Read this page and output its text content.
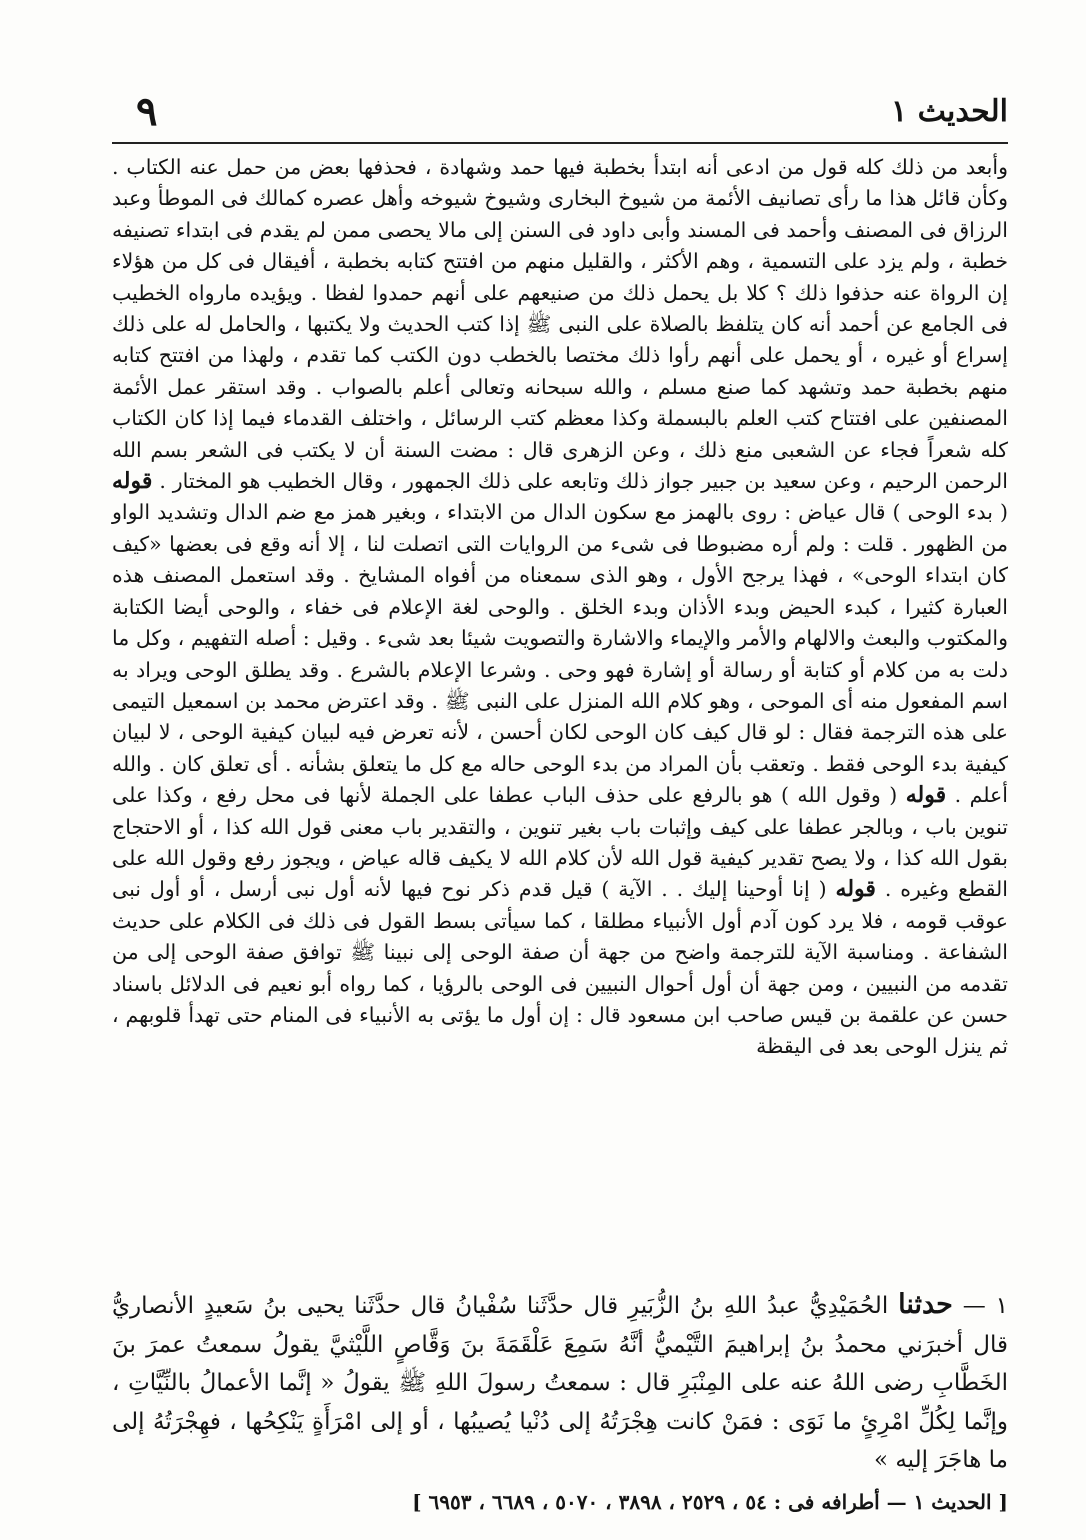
الحديث ١
٩

وأبعد من ذلك كله قول من ادعى أنه ابتدأ بخطبة فيها حمد وشهادة ، فحذفها بعض من حمل عنه الكتاب . وكأن قائل هذا ما رأى تصانيف الأئمة من شيوخ البخارى وشيوخ شيوخه وأهل عصره كمالك فى الموطأ وعبد الرزاق فى المصنف وأحمد فى المسند وأبى داود فى السنن إلى مالا يحصى ممن لم يقدم فى ابتداء تصنيفه خطبة ، ولم يزد على التسمية ، وهم الأكثر ، والقليل منهم من افتتح كتابه بخطبة ، أفيقال فى كل من هؤلاء إن الرواة عنه حذفوا ذلك ؟ كلا بل يحمل ذلك من صنيعهم على أنهم حمدوا لفظا . ويؤيده مارواه الخطيب فى الجامع عن أحمد أنه كان يتلفظ بالصلاة على النبى ﷺ إذا كتب الحديث ولا يكتبها ، والحامل له على ذلك إسراع أو غيره ، أو يحمل على أنهم رأوا ذلك مختصا بالخطب دون الكتب كما تقدم ، ولهذا من افتتح كتابه منهم بخطبة حمد وتشهد كما صنع مسلم ، والله سبحانه وتعالى أعلم بالصواب . وقد استقر عمل الأئمة المصنفين على افتتاح كتب العلم بالبسملة وكذا معظم كتب الرسائل ، واختلف القدماء فيما إذا كان الكتاب كله شعراً فجاء عن الشعبى منع ذلك ، وعن الزهرى قال : مضت السنة أن لا يكتب فى الشعر بسم الله الرحمن الرحيم ، وعن سعيد بن جبير جواز ذلك وتابعه على ذلك الجمهور ، وقال الخطيب هو المختار . قوله ( بدء الوحى ) قال عياض : روى بالهمز مع سكون الدال من الابتداء ، وبغير همز مع ضم الدال وتشديد الواو من الظهور . قلت : ولم أره مضبوطا فى شىء من الروايات التى اتصلت لنا ، إلا أنه وقع فى بعضها «كيف كان ابتداء الوحى» ، فهذا يرجح الأول ، وهو الذى سمعناه من أفواه المشايخ . وقد استعمل المصنف هذه العبارة كثيرا ، كبدء الحيض وبدء الأذان وبدء الخلق . والوحى لغة الإعلام فى خفاء ، والوحى أيضا الكتابة والمكتوب والبعث والالهام والأمر والإيماء والاشارة والتصويت شيئا بعد شىء . وقيل : أصله التفهيم ، وكل ما دلت به من كلام أو كتابة أو رسالة أو إشارة فهو وحى . وشرعا الإعلام بالشرع . وقد يطلق الوحى ويراد به اسم المفعول منه أى الموحى ، وهو كلام الله المنزل على النبى ﷺ . وقد اعترض محمد بن اسمعيل التيمى على هذه الترجمة فقال : لو قال كيف كان الوحى لكان أحسن ، لأنه تعرض فيه لبيان كيفية الوحى ، لا لبيان كيفية بدء الوحى فقط . وتعقب بأن المراد من بدء الوحى حاله مع كل ما يتعلق بشأنه . أى تعلق كان . والله أعلم . قوله ( وقول الله ) هو بالرفع على حذف الباب عطفا على الجملة لأنها فى محل رفع ، وكذا على تنوين باب ، وبالجر عطفا على كيف وإثبات باب بغير تنوين ، والتقدير باب معنى قول الله كذا ، أو الاحتجاج بقول الله كذا ، ولا يصح تقدير كيفية قول الله لأن كلام الله لا يكيف قاله عياض ، ويجوز رفع وقول الله على القطع وغيره . قوله ( إنا أوحينا إليك . . الآية ) قيل قدم ذكر نوح فيها لأنه أول نبى أرسل ، أو أول نبى عوقب قومه ، فلا يرد كون آدم أول الأنبياء مطلقا ، كما سيأتى بسط القول فى ذلك فى الكلام على حديث الشفاعة . ومناسبة الآية للترجمة واضح من جهة أن صفة الوحى إلى نبينا ﷺ توافق صفة الوحى إلى من تقدمه من النبيين ، ومن جهة أن أول أحوال النبيين فى الوحى بالرؤيا ، كما رواه أبو نعيم فى الدلائل باسناد حسن عن علقمة بن قيس صاحب ابن مسعود قال : إن أول ما يؤتى به الأنبياء فى المنام حتى تهدأ قلوبهم ، ثم ينزل الوحى بعد فى اليقظة

١ — حدثنا الحُمَيْدِيُّ عبدُ اللهِ بنُ الزُّبَيرِ قال حدَّثَنا سُفْيانُ قال حدَّثَنا يحيى بنُ سَعيدٍ الأنصاريُّ قال أخبرَني محمدُ بنُ إبراهيمَ التَّيْميُّ أنَّهُ سَمِعَ عَلْقَمَةَ بنَ وَقَّاصٍ اللَّيْثيَّ يقولُ سمعتُ عمرَ بنَ الخَطَّابِ رضى اللهُ عنه على المِنْبَرِ قال : سمعتُ رسولَ اللهِ ﷺ يقولُ « إنَّما الأعمالُ بالنِّيَّاتِ ، وإنَّما لِكُلِّ امْرِئٍ ما نَوَى : فمَنْ كانت هِجْرَتُهُ إلى دُنْيا يُصيبُها ، أو إلى امْرَأَةٍ يَنْكِحُها ، فهِجْرَتُهُ إلى ما هاجَرَ إليه »

[ الحديث ١ — أطرافه فى : ٥٤ ، ٢٥٢٩ ، ٣٨٩٨ ، ٥٠٧٠ ، ٦٦٨٩ ، ٦٩٥٣ ]
